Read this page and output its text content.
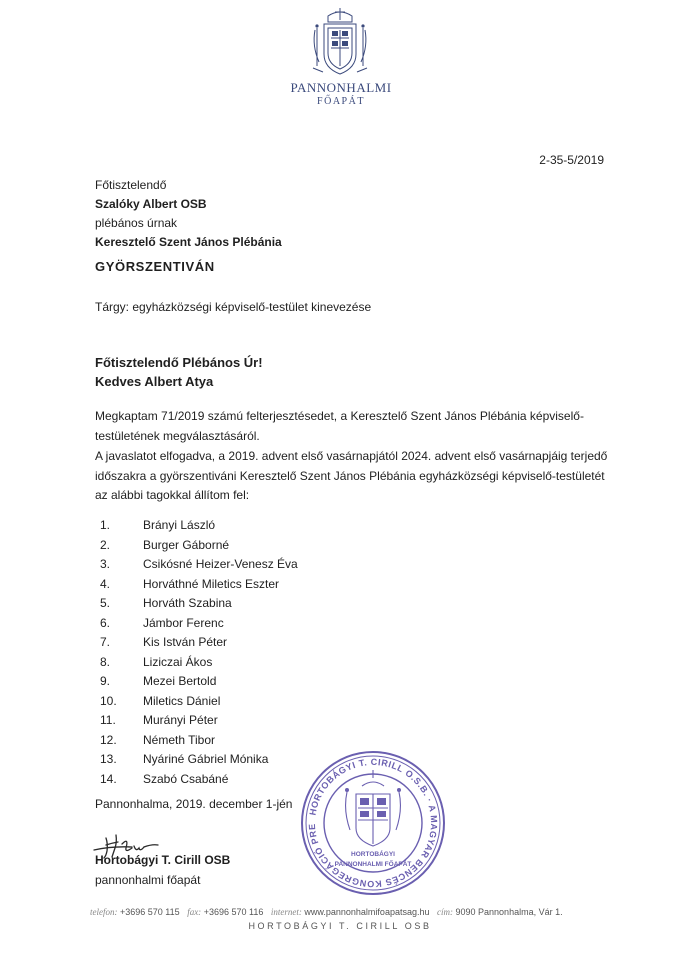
PANNONHALMI
FŐAPÁT
2-35-5/2019
Főtisztelendő
Szalóky Albert OSB
plébános úrnak
Keresztelő Szent János Plébánia
GYÖRSZENTIVÁN
Tárgy: egyházközségi képviselő-testület kinevezése
Főtisztelendő Plébános Úr!
Kedves Albert Atya
Megkaptam 71/2019 számú felterjesztésedet, a Keresztelő Szent János Plébánia képviselő-testületének megválasztásáról.
A javaslatot elfogadva, a 2019. advent első vasárnapjától 2024. advent első vasárnapjáig terjedő időszakra a györszentiváni Keresztelő Szent János Plébánia egyházközségi képviselő-testületét az alábbi tagokkal állítom fel:
1.	Brányi László
2.	Burger Gáborné
3.	Csikósné Heizer-Venesz Éva
4.	Horváthné Miletics Eszter
5.	Horváth Szabina
6.	Jámbor Ferenc
7.	Kis István Péter
8.	Liziczai Ákos
9.	Mezei Bertold
10.	Miletics Dániel
11.	Murányi Péter
12.	Németh Tibor
13.	Nyáriné Gábriel Mónika
14.	Szabó Csabáné
Pannonhalma, 2019. december 1-jén
Hortobágyi T. Cirill OSB
pannonhalmi főapát
HORTOBÁGYI T. CIRILL O.S.B. · A MAGYAR BENCÉS KONGREGÁCIÓ PRE
HORTOBÁGYI
PANNONHALMI FŐAPÁT
telefon: +3696 570 115 fax: +3696 570 116 internet: www.pannonhalmifoapatsag.hu cím: 9090 Pannonhalma, Vár 1.
HORTOBÁGYI T. CIRILL OSB
